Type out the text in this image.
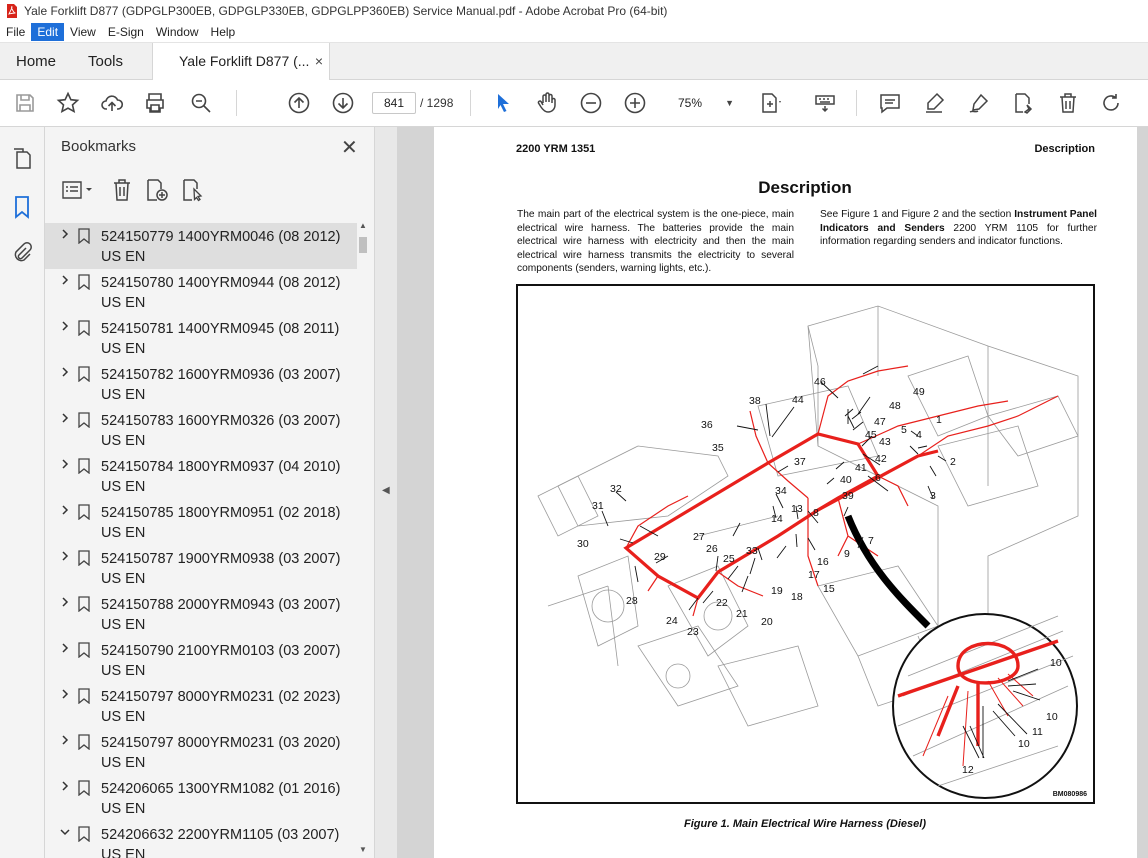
Yale Forklift D877 (GDPGLP300EB, GDPGLP330EB, GDPGLPP360EB) Service Manual.pdf - Adobe Acrobat Pro (64-bit)
File	Edit	View	E-Sign	Window	Help
Home Tools	Yale Forklift D877 (... ×
841	/ 1298	75%	▼
Bookmarks	✕
524150779 1400YRM0046 (08 2012)
US EN
524150780 1400YRM0944 (08 2012)
US EN
524150781 1400YRM0945 (08 2011)
US EN
524150782 1600YRM0936 (03 2007)
US EN
524150783 1600YRM0326 (03 2007)
US EN
524150784 1800YRM0937 (04 2010)
US EN
524150785 1800YRM0951 (02 2018)
US EN
524150787 1900YRM0938 (03 2007)
US EN
524150788 2000YRM0943 (03 2007)
US EN
524150790 2100YRM0103 (03 2007)
US EN
524150797 8000YRM0231 (02 2023)
US EN
524150797 8000YRM0231 (03 2020)
US EN
524206065 1300YRM1082 (01 2016)
US EN
524206632 2200YRM1105 (03 2007)
US EN
▲
▼
◀
2200 YRM 1351	Description
Description
The main part of the electrical system is the one-piece, main electrical wire harness. The batteries provide the main electrical wire harness with electricity and then the main electrical wire harness transmits the electricity to several components (senders, warning lights, etc.).
See Figure 1 and Figure 2 and the section Instrument Panel Indicators and Senders 2200 YRM 1105 for further information regarding senders and indicator functions.
1
2
3
4
5
6
7
8
9
10
10
11
10
12
13
14
15
16
17
18
19
20
21
22
23
24
25
26
27
28
29
30
31
32
33
34
35
36
37
38
39
40
41
42
43
44
45
46
47
48
49
BM080986
Figure 1. Main Electrical Wire Harness (Diesel)
